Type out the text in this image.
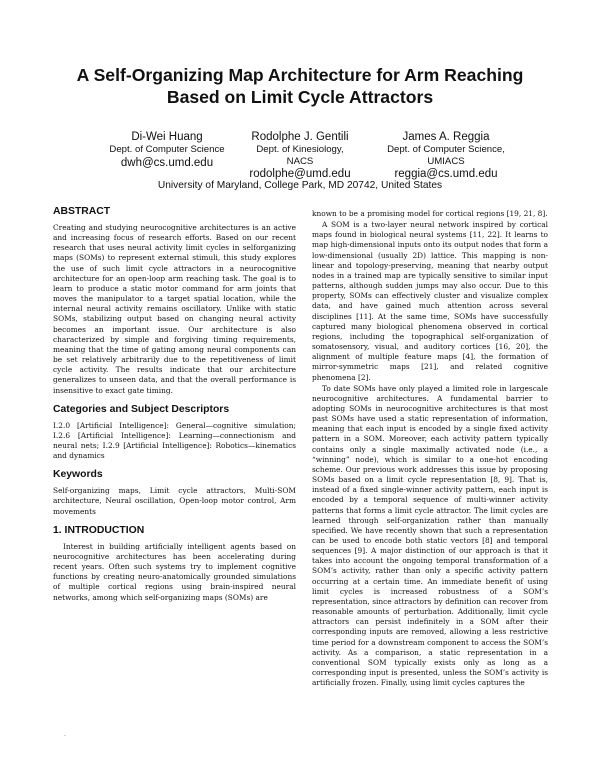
A Self-Organizing Map Architecture for Arm Reaching
Based on Limit Cycle Attractors
Di-Wei Huang
Dept. of Computer Science
dwh@cs.umd.edu
Rodolphe J. Gentili
Dept. of Kinesiology,
NACS
rodolphe@umd.edu
James A. Reggia
Dept. of Computer Science,
UMIACS
reggia@cs.umd.edu
University of Maryland, College Park, MD 20742, United States
ABSTRACT

Creating and studying neurocognitive architectures is an active and increasing focus of research efforts. Based on our recent research that uses neural activity limit cycles in selforganizing maps (SOMs) to represent external stimuli, this study explores the use of such limit cycle attractors in a neurocognitive architecture for an open-loop arm reaching task. The goal is to learn to produce a static motor command for arm joints that moves the manipulator to a target spatial location, while the internal neural activity remains oscillatory. Unlike with static SOMs, stabilizing output based on changing neural activity becomes an important issue. Our architecture is also characterized by simple and forgiving timing requirements, meaning that the time of gating among neural components can be set relatively arbitrarily due to the repetitiveness of limit cycle activity. The results indicate that our architecture generalizes to unseen data, and that the overall performance is insensitive to exact gate timing.

Categories and Subject Descriptors

I.2.0 [Artificial Intelligence]: General—cognitive simulation; I.2.6 [Artificial Intelligence]: Learning—connectionism and neural nets; I.2.9 [Artificial Intelligence]: Robotics—kinematics and dynamics

Keywords

Self-organizing maps, Limit cycle attractors, Multi-SOM architecture, Neural oscillation, Open-loop motor control, Arm movements

1. INTRODUCTION

Interest in building artificially intelligent agents based on neurocognitive architectures has been accelerating during recent years. Often such systems try to implement cognitive functions by creating neuro-anatomically grounded simulations of multiple cortical regions using brain-inspired neural networks, among which self-organizing maps (SOMs) are

known to be a promising model for cortical regions [19, 21, 8].

A SOM is a two-layer neural network inspired by cortical maps found in biological neural systems [11, 22]. It learns to map high-dimensional inputs onto its output nodes that form a low-dimensional (usually 2D) lattice. This mapping is non-linear and topology-preserving, meaning that nearby output nodes in a trained map are typically sensitive to similar input patterns, although sudden jumps may also occur. Due to this property, SOMs can effectively cluster and visualize complex data, and have gained much attention across several disciplines [11]. At the same time, SOMs have successfully captured many biological phenomena observed in cortical regions, including the topographical self-organization of somatosensory, visual, and auditory cortices [16, 20], the alignment of multiple feature maps [4], the formation of mirror-symmetric maps [21], and related cognitive phenomena [2].

To date SOMs have only played a limited role in largescale neurocognitive architectures. A fundamental barrier to adopting SOMs in neurocognitive architectures is that most past SOMs have used a static representation of information, meaning that each input is encoded by a single fixed activity pattern in a SOM. Moreover, each activity pattern typically contains only a single maximally activated node (i.e., a “winning” node), which is similar to a one-hot encoding scheme. Our previous work addresses this issue by proposing SOMs based on a limit cycle representation [8, 9]. That is, instead of a fixed single-winner activity pattern, each input is encoded by a temporal sequence of multi-winner activity patterns that forms a limit cycle attractor. The limit cycles are learned through self-organization rather than manually specified. We have recently shown that such a representation can be used to encode both static vectors [8] and temporal sequences [9]. A major distinction of our approach is that it takes into account the ongoing temporal transformation of a SOM’s activity, rather than only a specific activity pattern occurring at a certain time. An immediate benefit of using limit cycles is increased robustness of a SOM’s representation, since attractors by definition can recover from reasonable amounts of perturbation. Additionally, limit cycle attractors can persist indefinitely in a SOM after their corresponding inputs are removed, allowing a less restrictive time period for a downstream component to access the SOM’s activity. As a comparison, a static representation in a conventional SOM typically exists only as long as a corresponding input is presented, unless the SOM’s activity is artificially frozen. Finally, using limit cycles captures the

.
